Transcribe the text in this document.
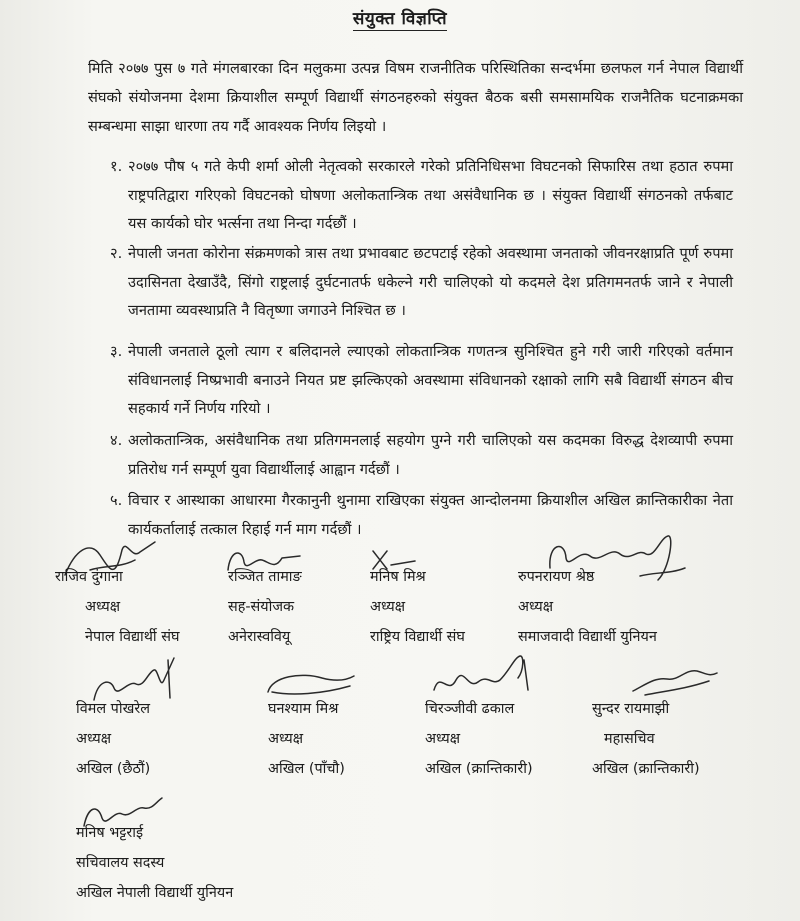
संयुक्त विज्ञप्ति
मिति २०७७ पुस ७ गते मंगलबारका दिन मलुकमा उत्पन्न विषम राजनीतिक परिस्थितिका सन्दर्भमा छलफल गर्न नेपाल विद्यार्थी संघको संयोजनमा देशमा क्रियाशील सम्पूर्ण विद्यार्थी संगठनहरुको संयुक्त बैठक बसी समसामयिक राजनैतिक घटनाक्रमका सम्बन्धमा साझा धारणा तय गर्दै आवश्यक निर्णय लिइयो ।
१. २०७७ पौष ५ गते केपी शर्मा ओली नेतृत्वको सरकारले गरेको प्रतिनिधिसभा विघटनको सिफारिस तथा हठात रुपमा राष्ट्रपतिद्वारा गरिएको विघटनको घोषणा अलोकतान्त्रिक तथा असंवैधानिक छ । संयुक्त विद्यार्थी संगठनको तर्फबाट यस कार्यको घोर भर्त्सना तथा निन्दा गर्दछौं ।
२. नेपाली जनता कोरोना संक्रमणको त्रास तथा प्रभावबाट छटपटाई रहेको अवस्थामा जनताको जीवनरक्षाप्रति पूर्ण रुपमा उदासिनता देखाउँदै, सिंगो राष्ट्रलाई दुर्घटनातर्फ धकेल्ने गरी चालिएको यो कदमले देश प्रतिगमनतर्फ जाने र नेपाली जनतामा व्यवस्थाप्रति नै वितृष्णा जगाउने निश्चित छ ।
३. नेपाली जनताले ठूलो त्याग र बलिदानले ल्याएको लोकतान्त्रिक गणतन्त्र सुनिश्चित हुने गरी जारी गरिएको वर्तमान संविधानलाई निष्प्रभावी बनाउने नियत प्रष्ट झल्किएको अवस्थामा संविधानको रक्षाको लागि सबै विद्यार्थी संगठन बीच सहकार्य गर्ने निर्णय गरियो ।
४. अलोकतान्त्रिक, असंवैधानिक तथा प्रतिगमनलाई सहयोग पुग्ने गरी चालिएको यस कदमका विरुद्ध देशव्यापी रुपमा प्रतिरोध गर्न सम्पूर्ण युवा विद्यार्थीलाई आह्वान गर्दछौं ।
५. विचार र आस्थाका आधारमा गैरकानुनी थुनामा राखिएका संयुक्त आन्दोलनमा क्रियाशील अखिल क्रान्तिकारीका नेता कार्यकर्तालाई तत्काल रिहाई गर्न माग गर्दछौं ।
राजिव दुंगाना
अध्यक्ष
नेपाल विद्यार्थी संघ
रञ्जित तामाङ
सह-संयोजक
अनेरास्ववियू
मनिष मिश्र
अध्यक्ष
राष्ट्रिय विद्यार्थी संघ
रुपनरायण श्रेष्ठ
अध्यक्ष
समाजवादी विद्यार्थी युनियन
विमल पोखरेल
अध्यक्ष
अखिल (छैठौं)
घनश्याम मिश्र
अध्यक्ष
अखिल (पाँचौ)
चिरञ्जीवी ढकाल
अध्यक्ष
अखिल (क्रान्तिकारी)
सुन्दर रायमाझी
महासचिव
अखिल (क्रान्तिकारी)
मनिष भट्टराई
सचिवालय सदस्य
अखिल नेपाली विद्यार्थी युनियन
